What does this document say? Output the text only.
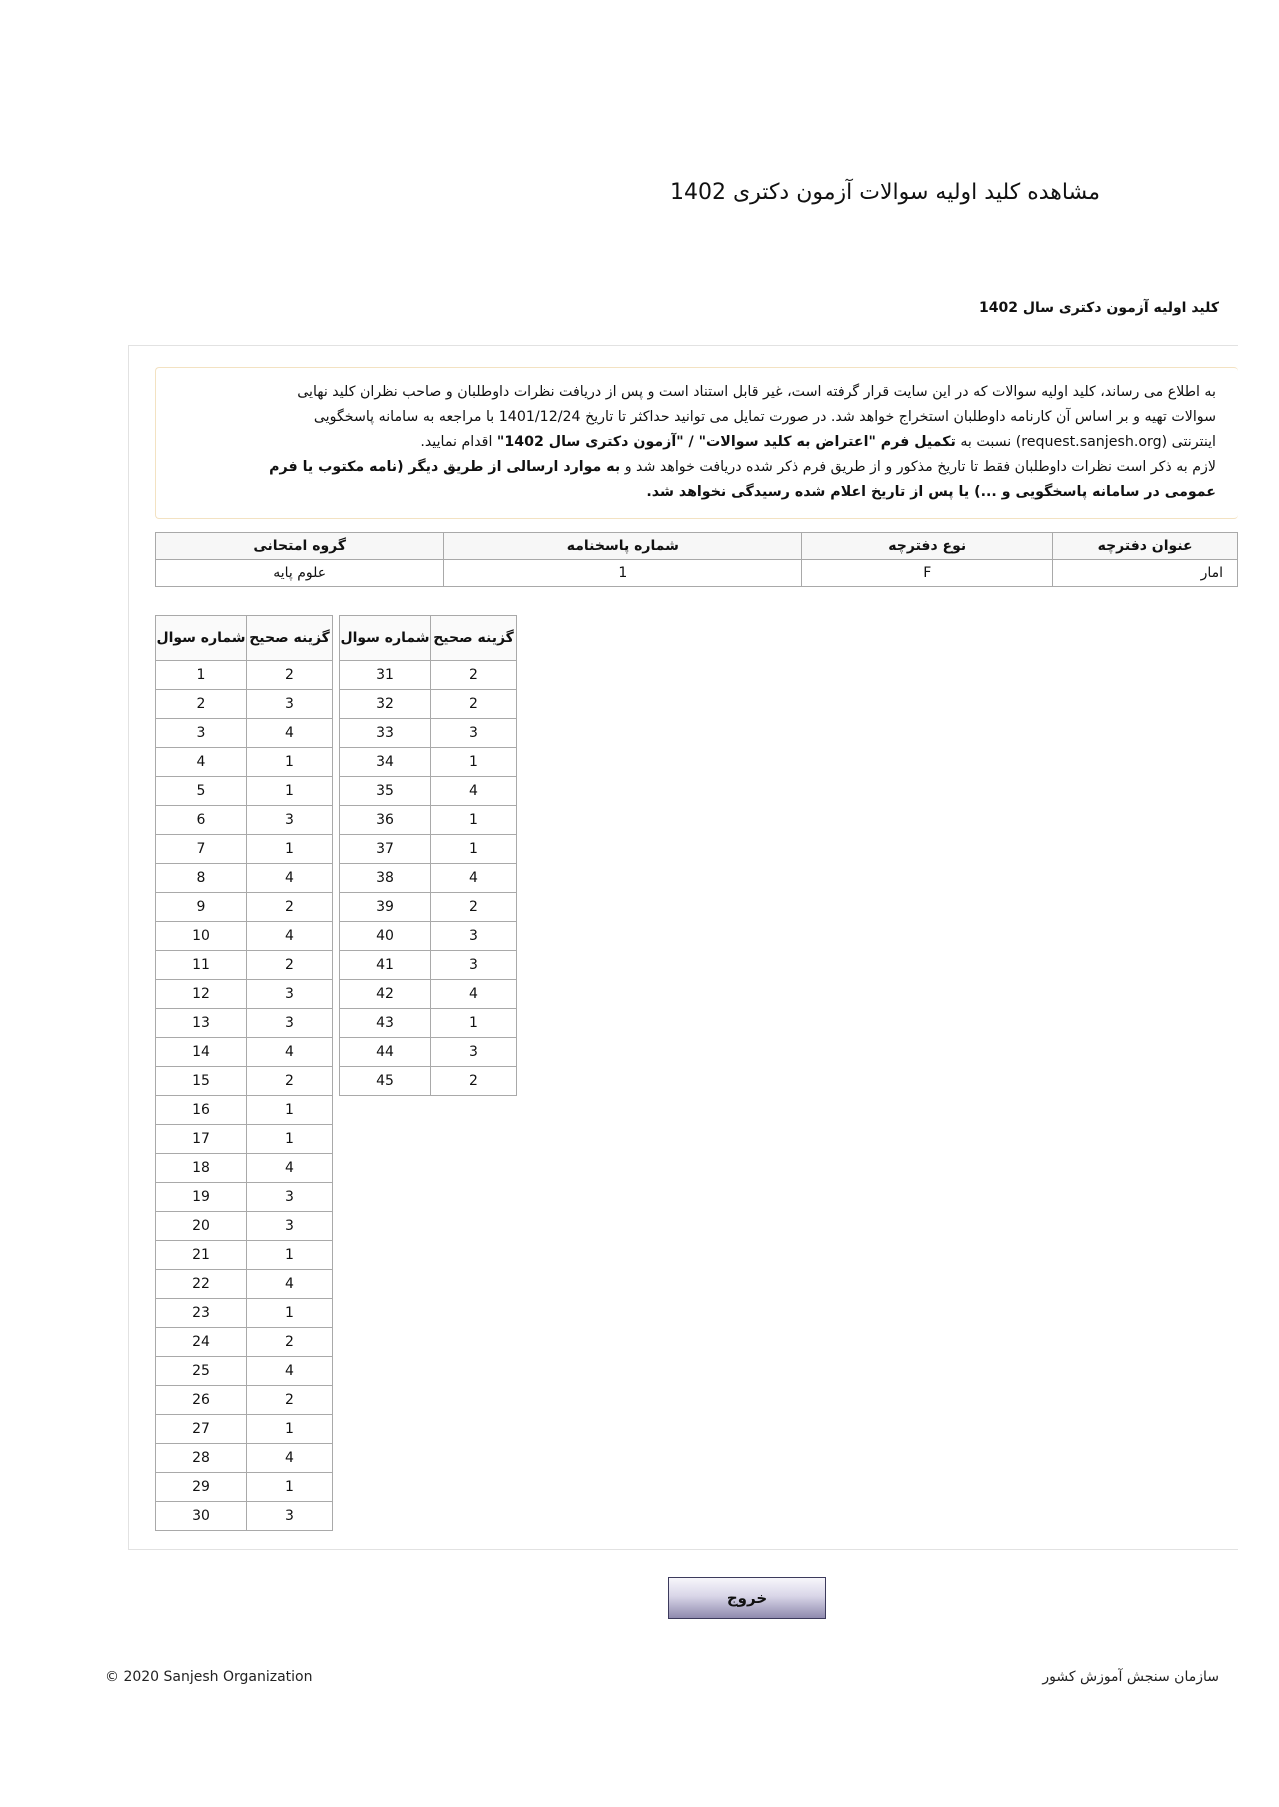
مشاهده کلید اولیه سوالات آزمون دکتری 1402
کلید اولیه آزمون دکتری سال 1402

به اطلاع می رساند، کلید اولیه سوالات که در این سایت قرار گرفته است، غیر قابل استناد است و پس از دریافت نظرات داوطلبان و صاحب نظران کلید نهایی

سوالات تهیه و بر اساس آن کارنامه داوطلبان استخراج خواهد شد. در صورت تمایل می توانید حداکثر تا تاریخ 1401/12/24 با مراجعه به سامانه پاسخگویی

اینترنتی (request.sanjesh.org) نسبت به تکمیل فرم "اعتراض به کلید سوالات" / "آزمون دکتری سال 1402" اقدام نمایید.

لازم به ذکر است نظرات داوطلبان فقط تا تاریخ مذکور و از طریق فرم ذکر شده دریافت خواهد شد و به موارد ارسالی از طریق دیگر (نامه مکتوب یا فرم

عمومی در سامانه پاسخگویی و ...) یا پس از تاریخ اعلام شده رسیدگی نخواهد شد.

عنوان دفترچه	نوع دفترچه	شماره پاسخنامه	گروه امتحانی
امار	F	1	علوم پایه
گزینه صحیح	شماره سوال
2	1
3	2
4	3
1	4
1	5
3	6
1	7
4	8
2	9
4	10
2	11
3	12
3	13
4	14
2	15
1	16
1	17
4	18
3	19
3	20
1	21
4	22
1	23
2	24
4	25
2	26
1	27
4	28
1	29
3	30
گزینه صحیح	شماره سوال
2	31
2	32
3	33
1	34
4	35
1	36
1	37
4	38
2	39
3	40
3	41
4	42
1	43
3	44
2	45
خروج
© 2020 Sanjesh Organization	سازمان سنجش آموزش کشور
